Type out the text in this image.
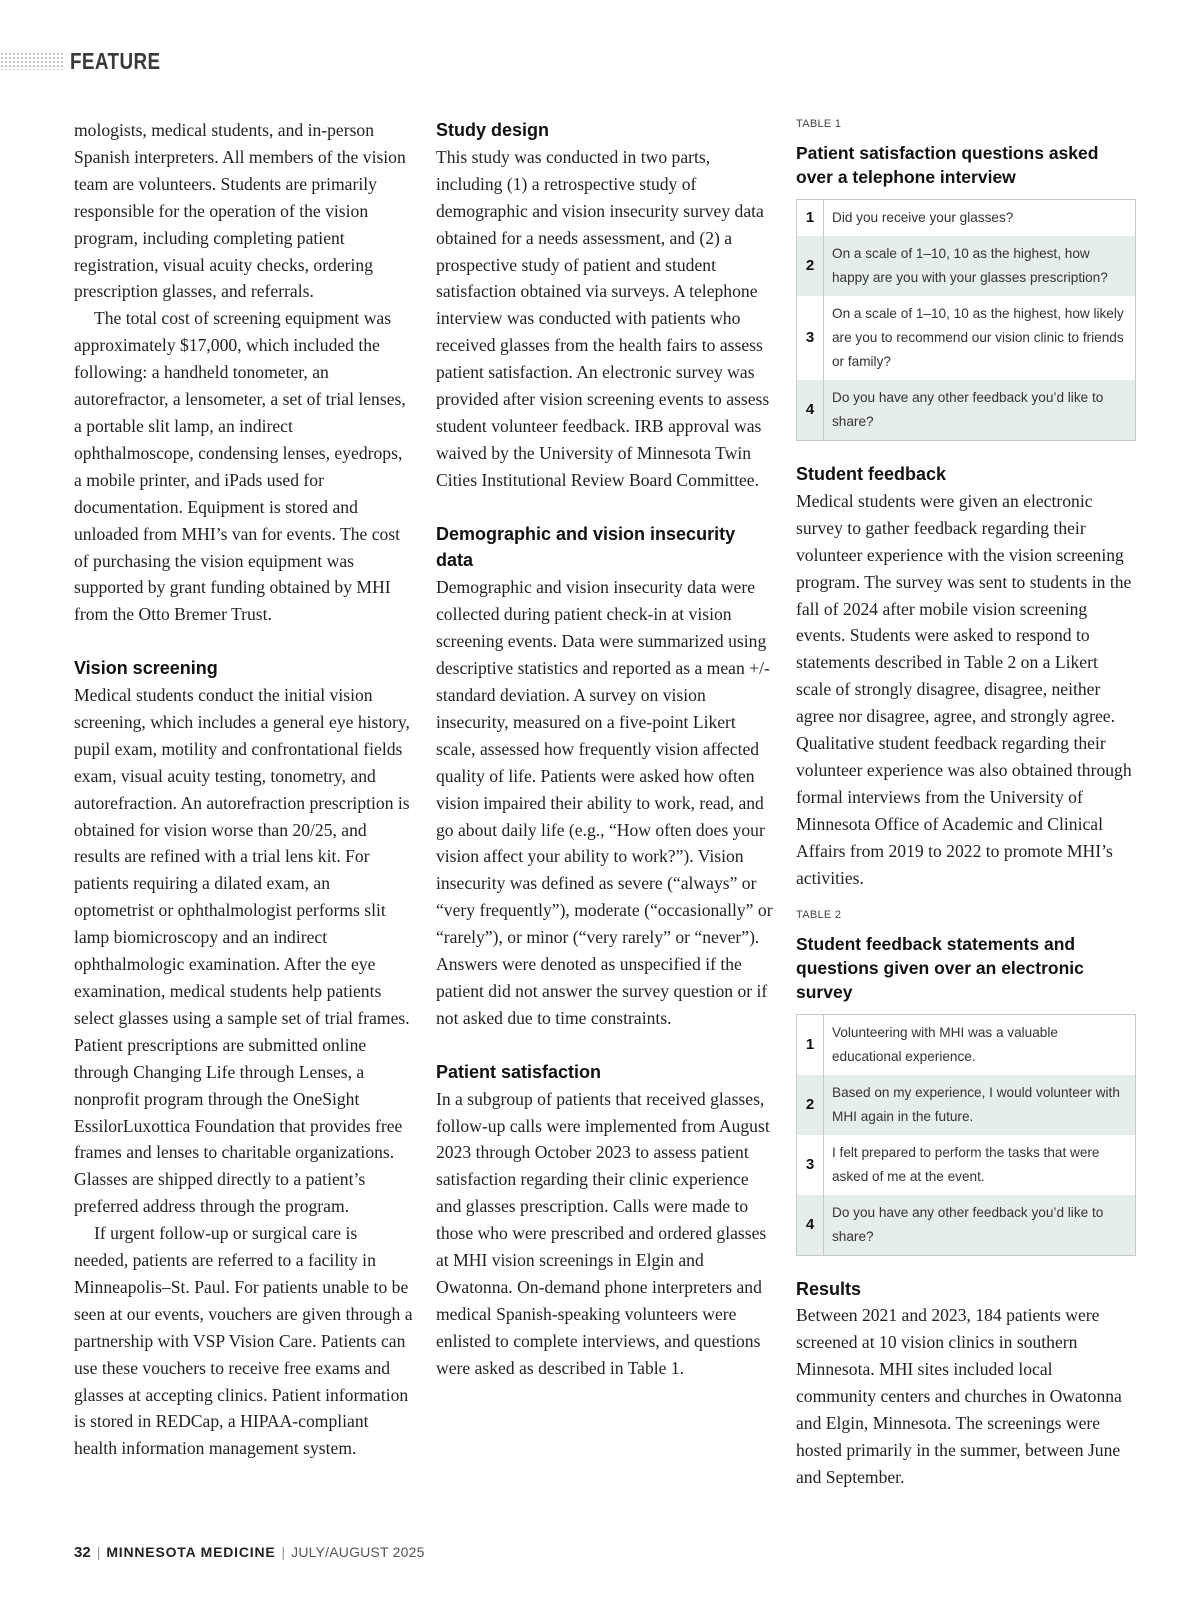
FEATURE

mologists, medical students, and in-person Spanish interpreters. All members of the vision team are volunteers. Students are primarily responsible for the operation of the vision program, including completing patient registration, visual acuity checks, ordering prescription glasses, and referrals.

The total cost of screening equipment was approximately $17,000, which included the following: a handheld tonometer, an autorefractor, a lensometer, a set of trial lenses, a portable slit lamp, an indirect ophthalmoscope, condensing lenses, eyedrops, a mobile printer, and iPads used for documentation. Equipment is stored and unloaded from MHI’s van for events. The cost of purchasing the vision equipment was supported by grant funding obtained by MHI from the Otto Bremer Trust.

Vision screening

Medical students conduct the initial vision screening, which includes a general eye history, pupil exam, motility and confrontational fields exam, visual acuity testing, tonometry, and autorefraction. An autorefraction prescription is obtained for vision worse than 20/25, and results are refined with a trial lens kit. For patients requiring a dilated exam, an optometrist or ophthalmologist performs slit lamp biomicroscopy and an indirect ophthalmologic examination. After the eye examination, medical students help patients select glasses using a sample set of trial frames. Patient prescriptions are submitted online through Changing Life through Lenses, a nonprofit program through the OneSight EssilorLuxottica Foundation that provides free frames and lenses to charitable organizations. Glasses are shipped directly to a patient’s preferred address through the program.

If urgent follow-up or surgical care is needed, patients are referred to a facility in Minneapolis–St. Paul. For patients unable to be seen at our events, vouchers are given through a partnership with VSP Vision Care. Patients can use these vouchers to receive free exams and glasses at accepting clinics. Patient information is stored in REDCap, a HIPAA-compliant health information management system.

Study design

This study was conducted in two parts, including (1) a retrospective study of demographic and vision insecurity survey data obtained for a needs assessment, and (2) a prospective study of patient and student satisfaction obtained via surveys. A telephone interview was conducted with patients who received glasses from the health fairs to assess patient satisfaction. An electronic survey was provided after vision screening events to assess student volunteer feedback. IRB approval was waived by the University of Minnesota Twin Cities Institutional Review Board Committee.

Demographic and vision insecurity data

Demographic and vision insecurity data were collected during patient check-in at vision screening events. Data were summarized using descriptive statistics and reported as a mean +/- standard deviation. A survey on vision insecurity, measured on a five-point Likert scale, assessed how frequently vision affected quality of life. Patients were asked how often vision impaired their ability to work, read, and go about daily life (e.g., “How often does your vision affect your ability to work?”). Vision insecurity was defined as severe (“always” or “very frequently”), moderate (“occasionally” or “rarely”), or minor (“very rarely” or “never”). Answers were denoted as unspecified if the patient did not answer the survey question or if not asked due to time constraints.

Patient satisfaction

In a subgroup of patients that received glasses, follow-up calls were implemented from August 2023 through October 2023 to assess patient satisfaction regarding their clinic experience and glasses prescription. Calls were made to those who were prescribed and ordered glasses at MHI vision screenings in Elgin and Owatonna. On-demand phone interpreters and medical Spanish-speaking volunteers were enlisted to complete interviews, and questions were asked as described in Table 1.

TABLE 1
Patient satisfaction questions asked over a telephone interview
1	Did you receive your glasses?
2	On a scale of 1–10, 10 as the highest, how happy are you with your glasses prescription?
3	On a scale of 1–10, 10 as the highest, how likely are you to recommend our vision clinic to friends or family?
4	Do you have any other feedback you’d like to share?
Student feedback

Medical students were given an electronic survey to gather feedback regarding their volunteer experience with the vision screening program. The survey was sent to students in the fall of 2024 after mobile vision screening events. Students were asked to respond to statements described in Table 2 on a Likert scale of strongly disagree, disagree, neither agree nor disagree, agree, and strongly agree. Qualitative student feedback regarding their volunteer experience was also obtained through formal interviews from the University of Minnesota Office of Academic and Clinical Affairs from 2019 to 2022 to promote MHI’s activities.

TABLE 2
Student feedback statements and questions given over an electronic survey
1	Volunteering with MHI was a valuable educational experience.
2	Based on my experience, I would volunteer with MHI again in the future.
3	I felt prepared to perform the tasks that were asked of me at the event.
4	Do you have any other feedback you’d like to share?
Results

Between 2021 and 2023, 184 patients were screened at 10 vision clinics in southern Minnesota. MHI sites included local community centers and churches in Owatonna and Elgin, Minnesota. The screenings were hosted primarily in the summer, between June and September.

32 | MINNESOTA MEDICINE | JULY/AUGUST 2025
